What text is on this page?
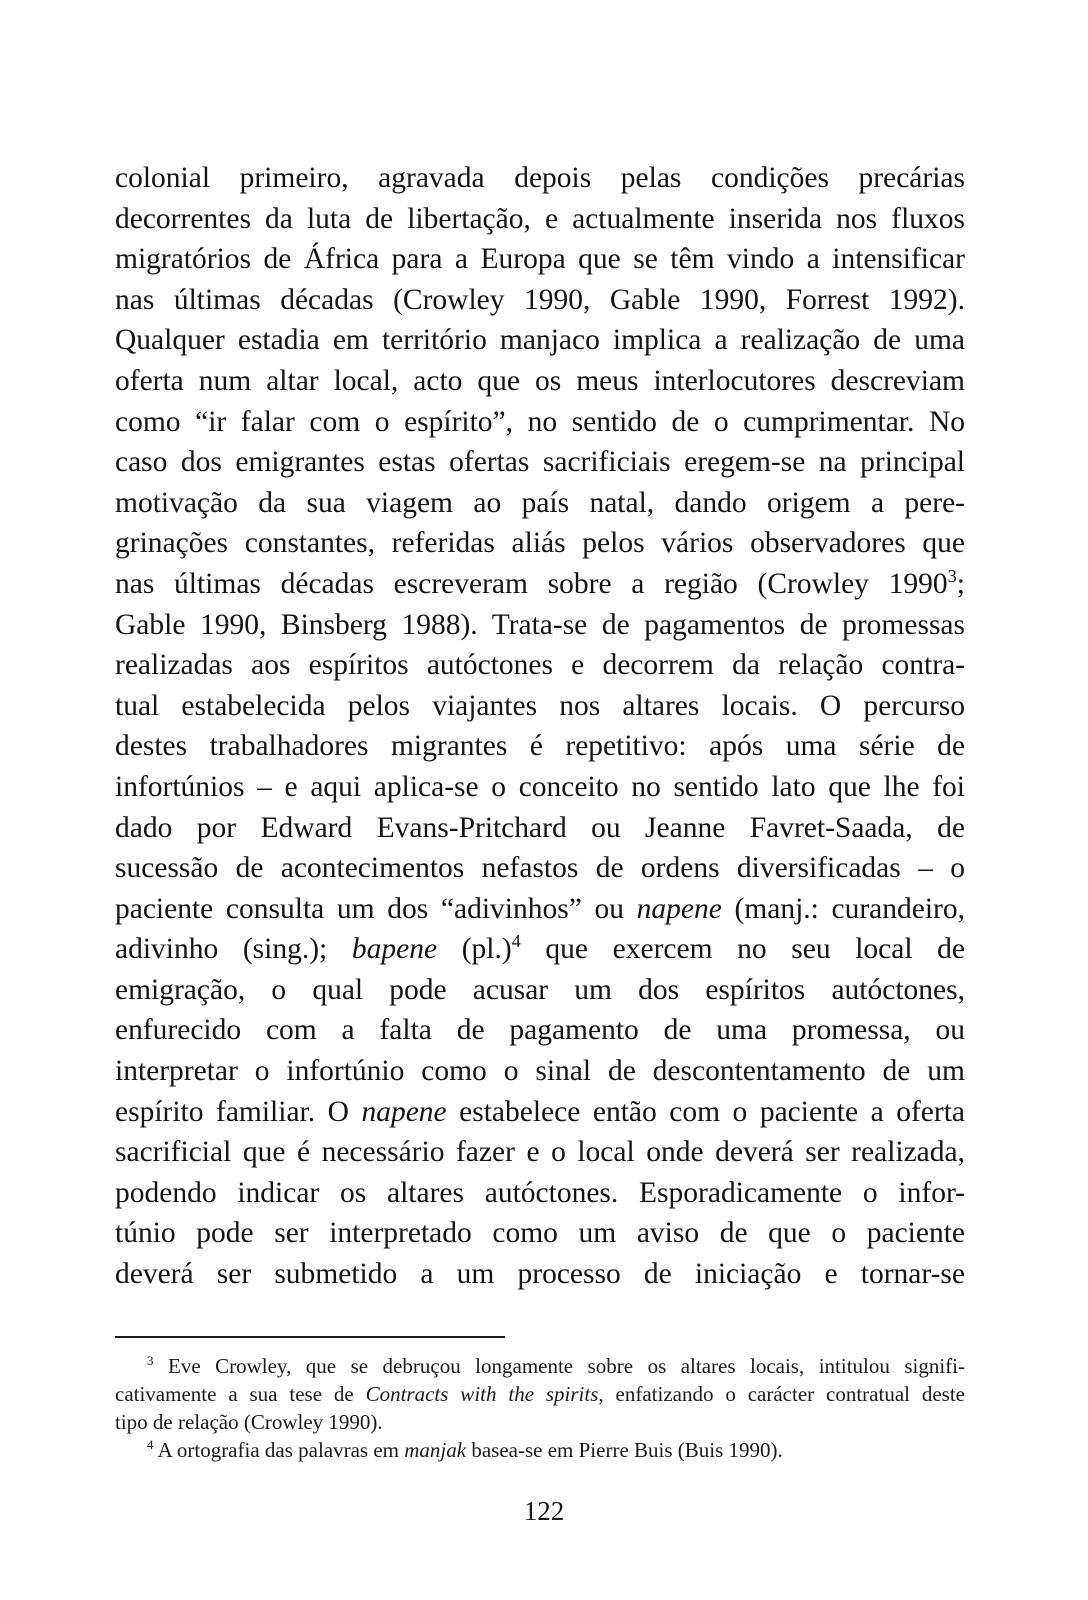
colonial primeiro, agravada depois pelas condições precárias
decorrentes da luta de libertação, e actualmente inserida nos fluxos
migratórios de África para a Europa que se têm vindo a intensificar
nas últimas décadas (Crowley 1990, Gable 1990, Forrest 1992).
Qualquer estadia em território manjaco implica a realização de uma
oferta num altar local, acto que os meus interlocutores descreviam
como “ir falar com o espírito”, no sentido de o cumprimentar. No
caso dos emigrantes estas ofertas sacrificiais eregem-se na principal
motivação da sua viagem ao país natal, dando origem a pere-
grinações constantes, referidas aliás pelos vários observadores que
nas últimas décadas escreveram sobre a região (Crowley 1990$^3$;
Gable 1990, Binsberg 1988). Trata-se de pagamentos de promessas
realizadas aos espíritos autóctones e decorrem da relação contra-
tual estabelecida pelos viajantes nos altares locais. O percurso
destes trabalhadores migrantes é repetitivo: após uma série de
infortúnios – e aqui aplica-se o conceito no sentido lato que lhe foi
dado por Edward Evans-Pritchard ou Jeanne Favret-Saada, de
sucessão de acontecimentos nefastos de ordens diversificadas – o
paciente consulta um dos “adivinhos” ou napene (manj.: curandeiro,
adivinho (sing.); bapene $(pl.)^4$ que exercem no seu local de
emigração, o qual pode acusar um dos espíritos autóctones,
enfurecido com a falta de pagamento de uma promessa, ou
interpretar o infortúnio como o sinal de descontentamento de um
espírito familiar. O napene estabelece então com o paciente a oferta
sacrificial que é necessário fazer e o local onde deverá ser realizada,
podendo indicar os altares autóctones. Esporadicamente o infor-
túnio pode ser interpretado como um aviso de que o paciente
deverá ser submetido a um processo de iniciação e tornar-se
$^3$ Eve Crowley, que se debruçou longamente sobre os altares locais, intitulou signifi-
cativamente a sua tese de Contracts with the spirits, enfatizando o carácter contratual deste
tipo de relação (Crowley 1990).
$^4$ A ortografia das palavras em manjak basea-se em Pierre Buis (Buis 1990).
122
